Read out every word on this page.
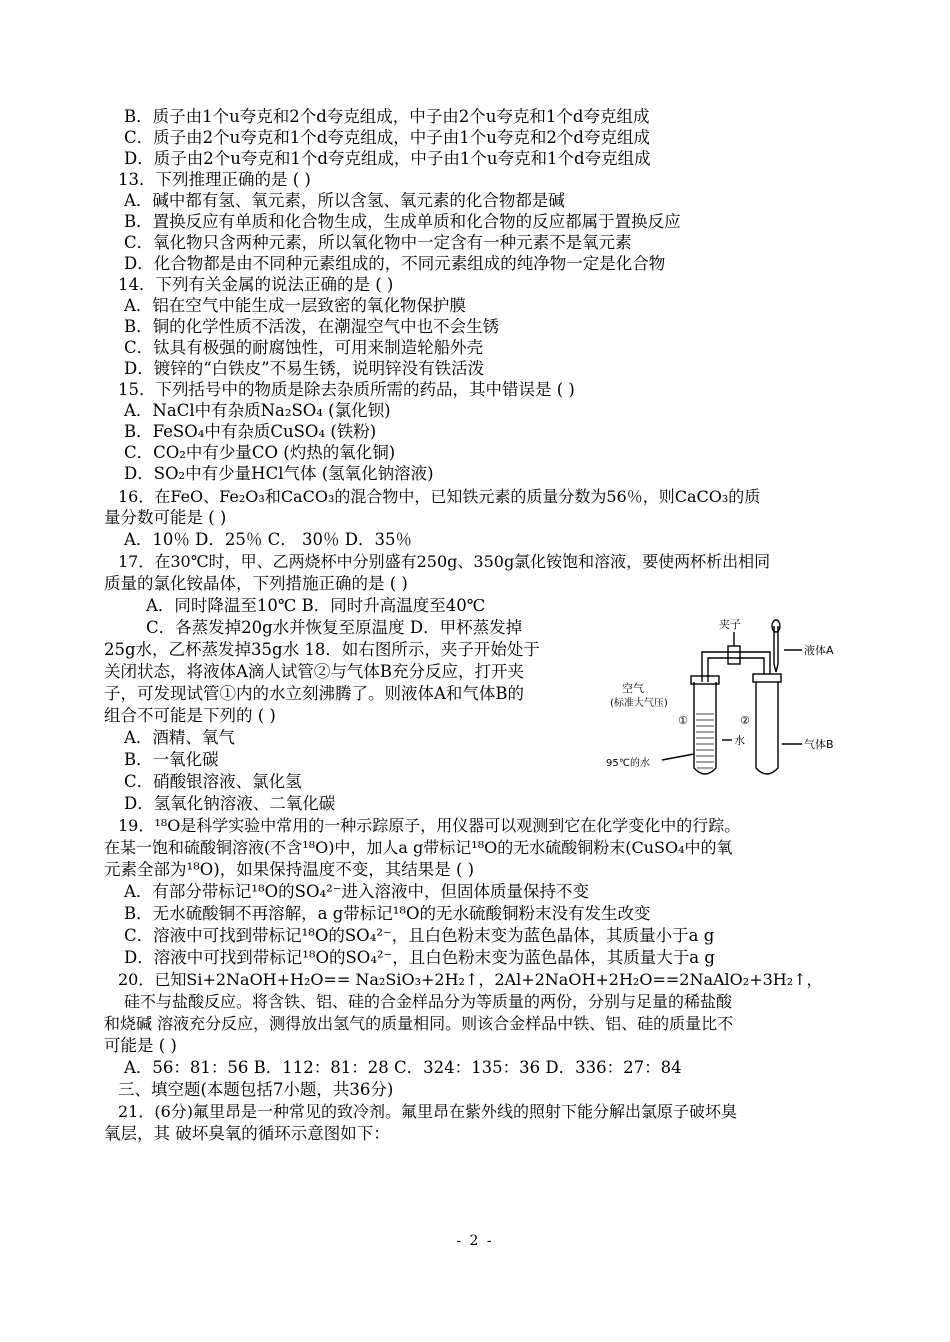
B．质子由1个u夸克和2个d夸克组成，中子由2个u夸克和1个d夸克组成
C．质子由2个u夸克和1个d夸克组成，中子由1个u夸克和2个d夸克组成
D．质子由2个u夸克和1个d夸克组成，中子由1个u夸克和1个d夸克组成
13．下列推理正确的是 ( )
A．碱中都有氢、氧元素，所以含氢、氧元素的化合物都是碱
B．置换反应有单质和化合物生成，生成单质和化合物的反应都属于置换反应
C．氧化物只含两种元素，所以氧化物中一定含有一种元素不是氧元素
D．化合物都是由不同种元素组成的，不同元素组成的纯净物一定是化合物
14．下列有关金属的说法正确的是 ( )
A．铝在空气中能生成一层致密的氧化物保护膜
B．铜的化学性质不活泼，在潮湿空气中也不会生锈
C．钛具有极强的耐腐蚀性，可用来制造轮船外壳
D．镀锌的“白铁皮”不易生锈，说明锌没有铁活泼
15．下列括号中的物质是除去杂质所需的药品，其中错误是 ( )
A．NaCl中有杂质Na₂SO₄ (氯化钡)
B．FeSO₄中有杂质CuSO₄ (铁粉)
C．CO₂中有少量CO (灼热的氧化铜)
D．SO₂中有少量HCl气体 (氢氧化钠溶液)
16．在FeO、Fe₂O₃和CaCO₃的混合物中，已知铁元素的质量分数为56％，则CaCO₃的质
量分数可能是 ( )
A．10％ D．25％ C． 30％ D．35％
17．在30℃时，甲、乙两烧杯中分别盛有250g、350g氯化铵饱和溶液，要使两杯析出相同
质量的氯化铵晶体，下列措施正确的是 ( )
A．同时降温至10℃ B．同时升高温度至40℃
C．各蒸发掉20g水并恢复至原温度 D．甲杯蒸发掉
25g水，乙杯蒸发掉35g水 18．如右图所示，夹子开始处于
关闭状态，将液体A滴人试管②与气体B充分反应，打开夹
子，可发现试管①内的水立刻沸腾了。则液体A和气体B的
组合不可能是下列的 ( )
A．酒精、氧气
B．一氧化碳
C．硝酸银溶液、氯化氢
D．氢氧化钠溶液、二氧化碳
19．¹⁸O是科学实验中常用的一种示踪原子，用仪器可以观测到它在化学变化中的行踪。
在某一饱和硫酸铜溶液(不含¹⁸O)中，加人a g带标记¹⁸O的无水硫酸铜粉末(CuSO₄中的氧
元素全部为¹⁸O)，如果保持温度不变，其结果是 ( )
A．有部分带标记¹⁸O的SO₄²⁻进入溶液中，但固体质量保持不变
B．无水硫酸铜不再溶解，a g带标记¹⁸O的无水硫酸铜粉末没有发生改变
C．溶液中可找到带标记¹⁸O的SO₄²⁻，且白色粉末变为蓝色晶体，其质量小于a g
D．溶液中可找到带标记¹⁸O的SO₄²⁻，且白色粉末变为蓝色晶体，其质量大于a g
20．已知Si+2NaOH+H₂O== Na₂SiO₃+2H₂↑，2Al+2NaOH+2H₂O==2NaAlO₂+3H₂↑，
硅不与盐酸反应。将含铁、铝、硅的合金样品分为等质量的两份，分别与足量的稀盐酸
和烧碱 溶液充分反应，测得放出氢气的质量相同。则该合金样品中铁、铝、硅的质量比不
可能是 ( )
A．56：81：56 B．112：81：28 C．324：135：36 D．336：27：84
三、填空题(本题包括7小题，共36分)
21．(6分)氟里昂是一种常见的致冷剂。氟里昂在紫外线的照射下能分解出氯原子破坏臭
氧层，其 破坏臭氧的循环示意图如下：
夹子
液体A
空气
(标准大气压)
①	②
水
95℃的水
气体B
- 2 -
